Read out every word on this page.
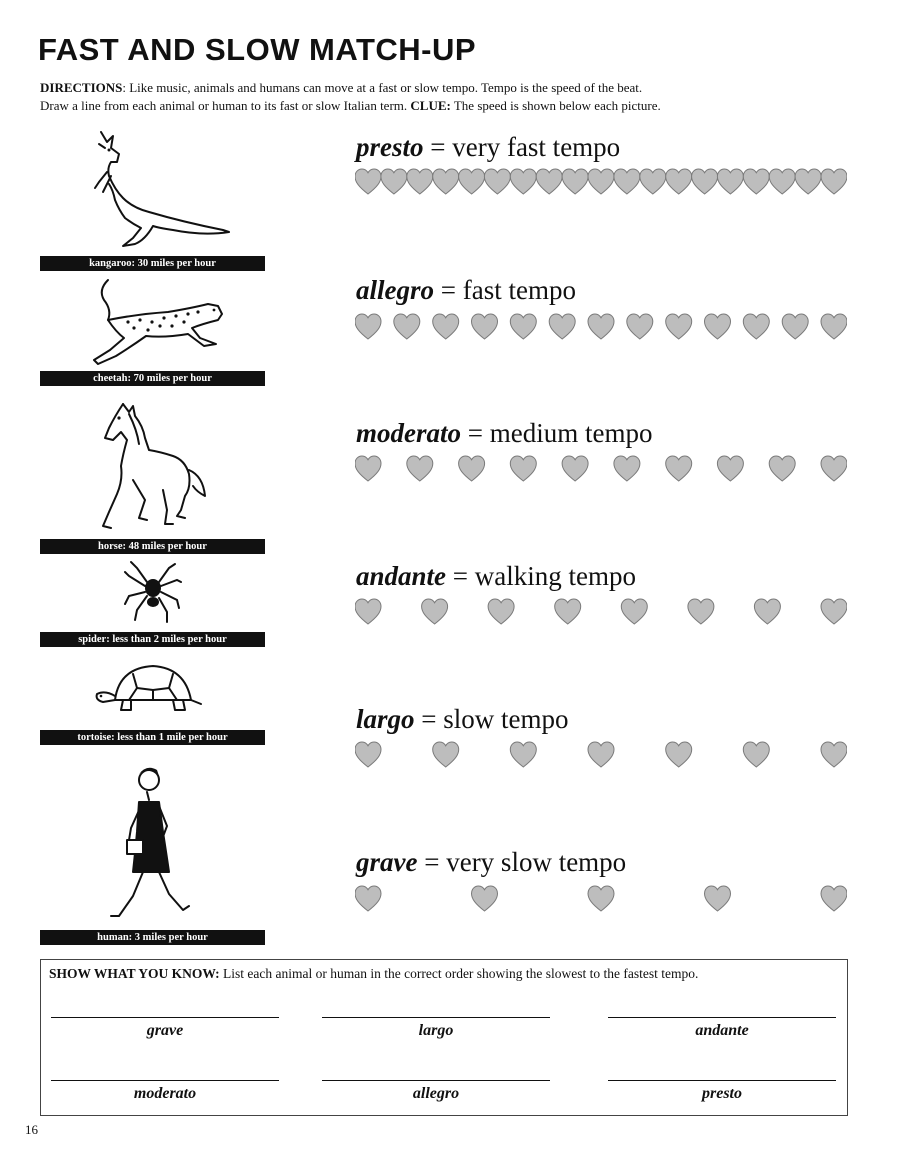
FAST AND SLOW MATCH-UP
DIRECTIONS: Like music, animals and humans can move at a fast or slow tempo. Tempo is the speed of the beat.
Draw a line from each animal or human to its fast or slow Italian term. CLUE: The speed is shown below each picture.
kangaroo: 30 miles per hour
cheetah: 70 miles per hour
horse: 48 miles per hour
spider: less than 2 miles per hour
tortoise: less than 1 mile per hour
human: 3 miles per hour
presto = very fast tempo
allegro = fast tempo
moderato = medium tempo
andante = walking tempo
largo = slow tempo
grave = very slow tempo
SHOW WHAT YOU KNOW: List each animal or human in the correct order showing the slowest to the fastest tempo.
grave	largo	andante
moderato	allegro	presto
16
